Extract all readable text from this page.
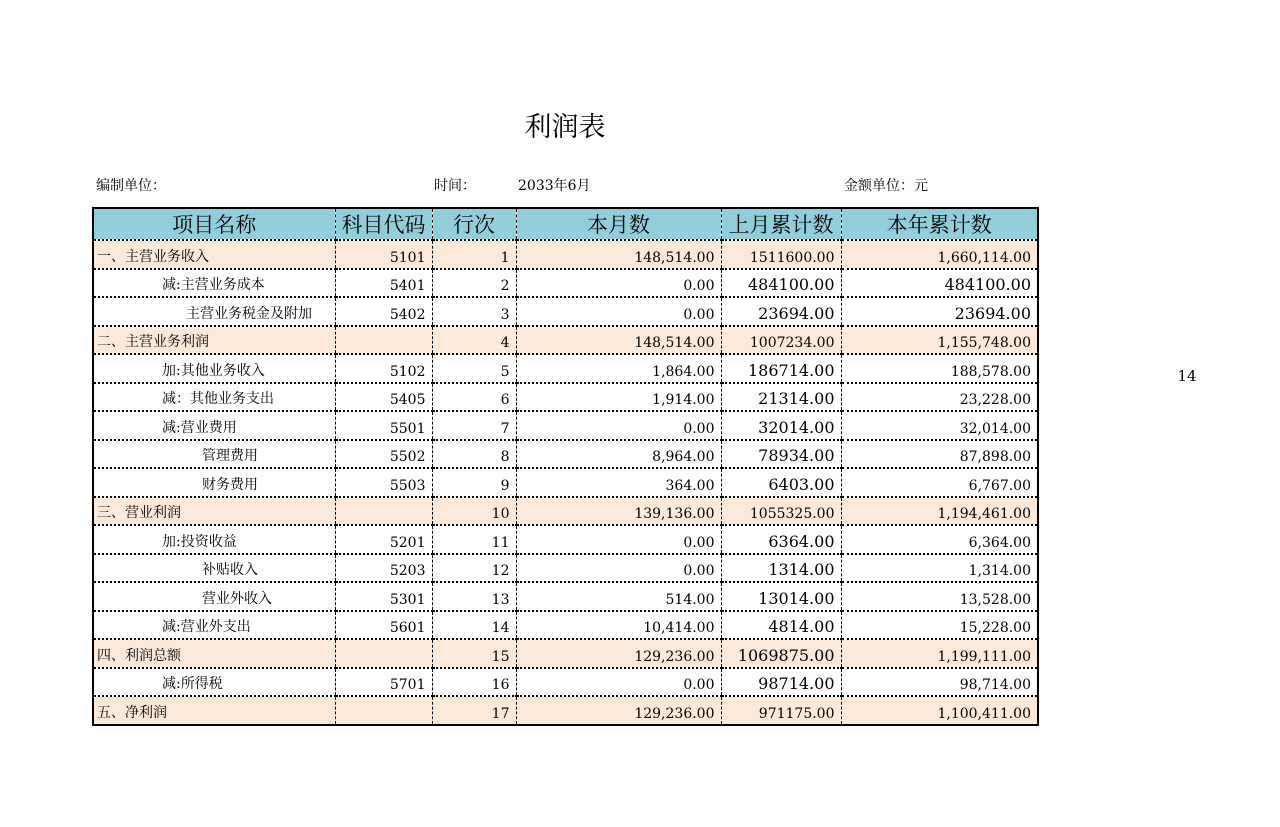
利润表
编制单位：	时间：	2033年6月	金额单位：元
14
项目名称	科目代码	行次	本月数	上月累计数	本年累计数
一、主营业务收入	5101	1	148,514.00	1511600.00	1,660,114.00
减:主营业务成本	5401	2	0.00	484100.00	484100.00
主营业务税金及附加	5402	3	0.00	23694.00	23694.00
二、主营业务利润		4	148,514.00	1007234.00	1,155,748.00
加:其他业务收入	5102	5	1,864.00	186714.00	188,578.00
减：其他业务支出	5405	6	1,914.00	21314.00	23,228.00
减:营业费用	5501	7	0.00	32014.00	32,014.00
管理费用	5502	8	8,964.00	78934.00	87,898.00
财务费用	5503	9	364.00	6403.00	6,767.00
三、营业利润		10	139,136.00	1055325.00	1,194,461.00
加:投资收益	5201	11	0.00	6364.00	6,364.00
补贴收入	5203	12	0.00	1314.00	1,314.00
营业外收入	5301	13	514.00	13014.00	13,528.00
减:营业外支出	5601	14	10,414.00	4814.00	15,228.00
四、利润总额		15	129,236.00	1069875.00	1,199,111.00
减:所得税	5701	16	0.00	98714.00	98,714.00
五、净利润		17	129,236.00	971175.00	1,100,411.00
